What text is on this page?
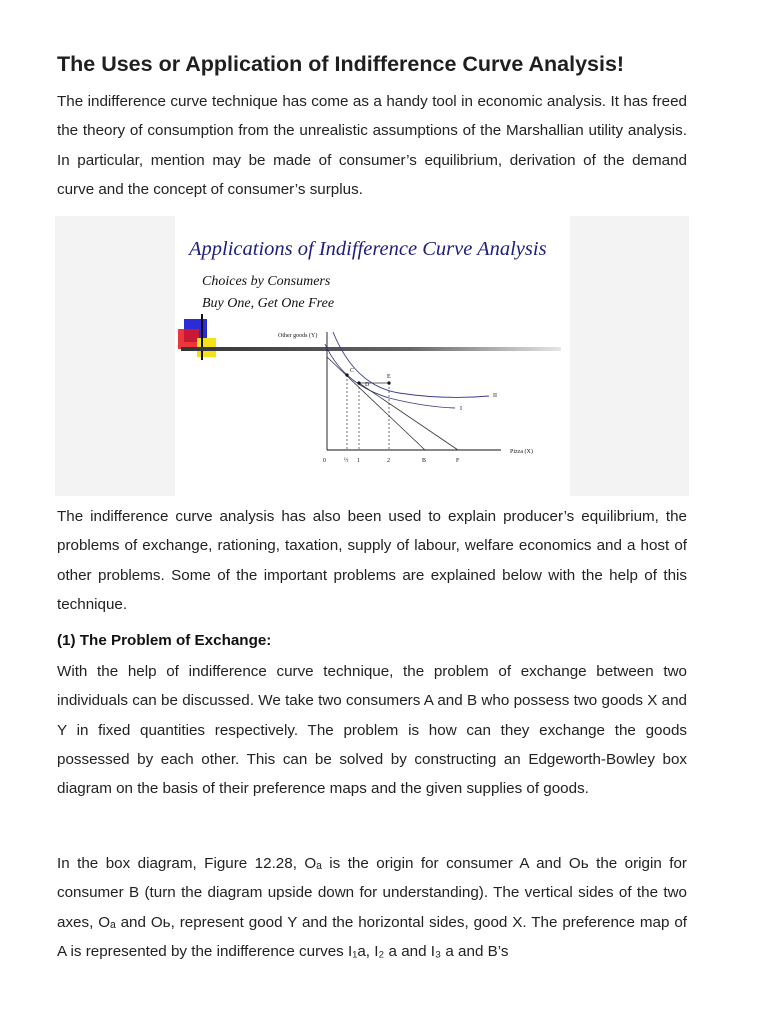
The Uses or Application of Indifference Curve Analysis!

The indifference curve technique has come as a handy tool in economic analysis. It has freed the theory of consumption from the unrealistic assumptions of the Marshallian utility analysis. In particular, mention may be made of consumer’s equilibrium, derivation of the demand curve and the concept of consumer’s surplus.

Applications of Indifference Curve Analysis

Choices by Consumers

Buy One, Get One Free

Other goods (Y)
Pizza (X)
II
I
C
D
E
0	½ 1	2	B	F

The indifference curve analysis has also been used to explain producer’s equilibrium, the problems of exchange, rationing, taxation, supply of labour, welfare economics and a host of other problems. Some of the important problems are explained below with the help of this technique.

(1) The Problem of Exchange:

With the help of indifference curve technique, the problem of exchange between two individuals can be discussed. We take two consumers A and B who possess two goods X and Y in fixed quantities respectively. The problem is how can they exchange the goods possessed by each other. This can be solved by constructing an Edgeworth-Bowley box diagram on the basis of their preference maps and the given supplies of goods.

In the box diagram, Figure 12.28, Oₐ is the origin for consumer A and Oь the origin for consumer B (turn the diagram upside down for understanding). The vertical sides of the two axes, Oₐ and Oь, represent good Y and the horizontal sides, good X. The preference map of A is represented by the indifference curves I₁a, I₂ a and I₃ a and B’s
